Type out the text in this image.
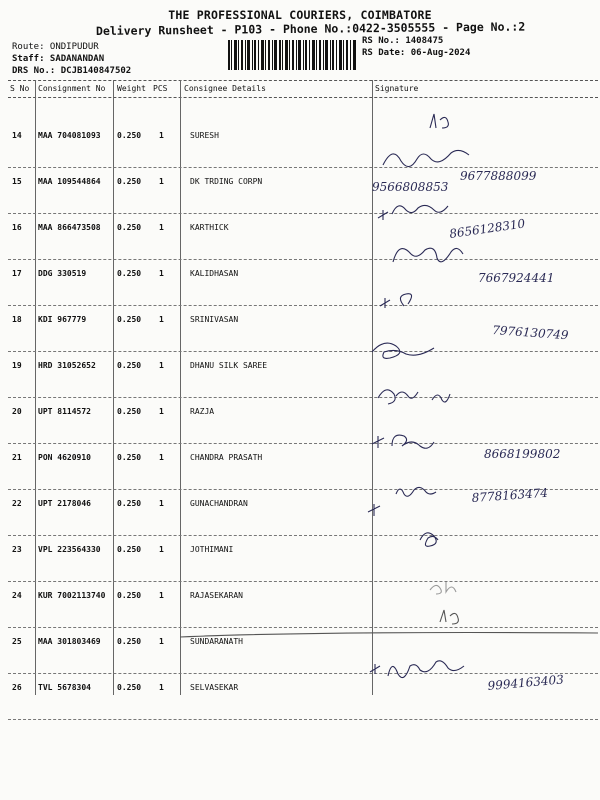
THE PROFESSIONAL COURIERS, COIMBATORE
Delivery Runsheet - P103 - Phone No.:0422-3505555 - Page No.:2
Route: ONDIPUDUR
Staff: SADANANDAN
DRS No.: DCJB140847502
RS No.: 1408475
RS Date: 06-Aug-2024
S No Consignment No Weight PCS Consignee Details	Signature
14 MAA 704081093 0.250 1	SURESH
15 MAA 109544864 0.250 1	DK TRDING CORPN
16 MAA 866473508 0.250 1	KARTHICK
17 DDG 330519	0.250 1	KALIDHASAN
18 KDI 967779	0.250 1	SRINIVASAN
19 HRD 31052652	0.250 1	DHANU SILK SAREE
20 UPT 8114572	0.250 1	RAZJA
21 PON 4620910	0.250 1	CHANDRA PRASATH
22 UPT 2178046	0.250 1	GUNACHANDRAN
23 VPL 223564330 0.250 1	JOTHIMANI
24 KUR 7002113740 0.250 1	RAJASEKARAN
25 MAA 301803469 0.250 1	SUNDARANATH
26 TVL 5678304	0.250 1	SELVASEKAR
9566808853
9677888099
8656128310
7667924441
7976130749
8668199802
8778163474
9994163403
